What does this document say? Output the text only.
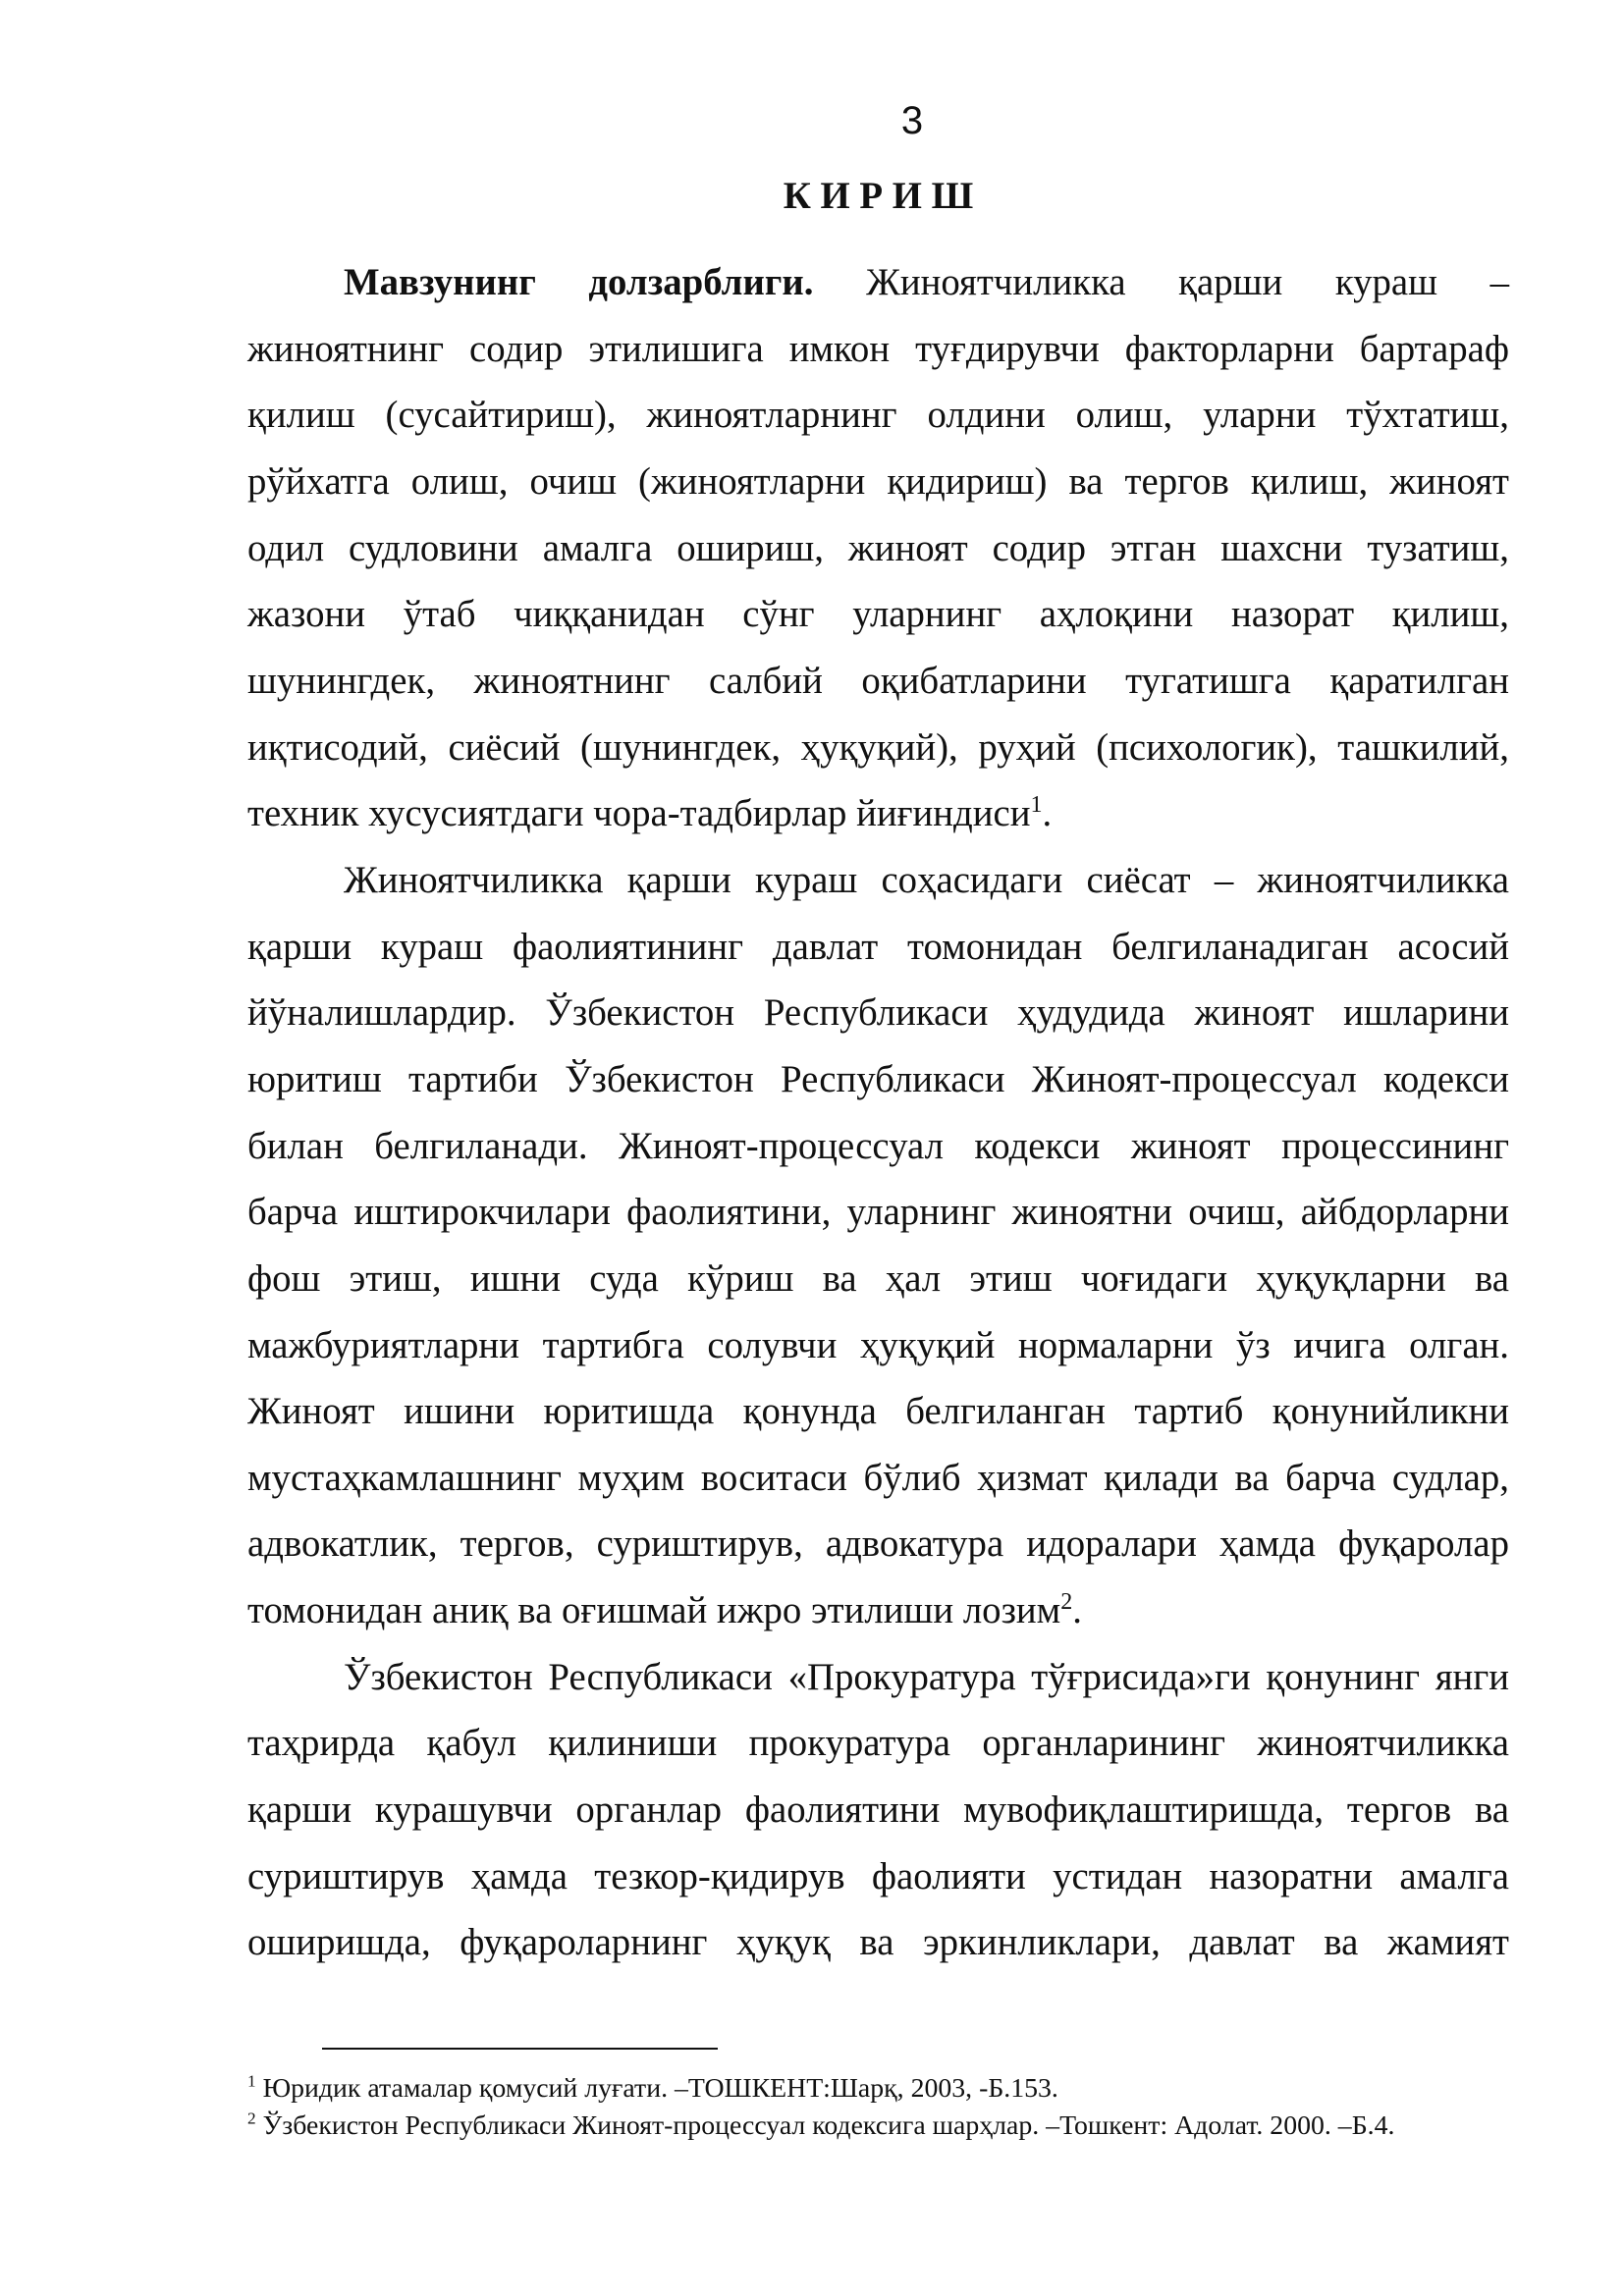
3
К И Р И Ш
Мавзунинг долзарблиги. Жиноятчиликка қарши кураш –
жиноятнинг содир этилишига имкон туғдирувчи факторларни бартараф
қилиш (сусайтириш), жиноятларнинг олдини олиш, уларни тўхтатиш,
рўйхатга олиш, очиш (жиноятларни қидириш) ва тергов қилиш, жиноят
одил судловини амалга ошириш, жиноят содир этган шахсни тузатиш,
жазони ўтаб чиққанидан сўнг уларнинг аҳлоқини назорат қилиш,
шунингдек, жиноятнинг салбий оқибатларини тугатишга қаратилган
иқтисодий, сиёсий (шунингдек, ҳуқуқий), руҳий (психологик), ташкилий,
техник хусусиятдаги чора-тадбирлар йиғиндиси$^1$.
Жиноятчиликка қарши кураш соҳасидаги сиёсат – жиноятчиликка
қарши кураш фаолиятининг давлат томонидан белгиланадиган асосий
йўналишлардир. Ўзбекистон Республикаси ҳудудида жиноят ишларини
юритиш тартиби Ўзбекистон Республикаси Жиноят-процессуал кодекси
билан белгиланади. Жиноят-процессуал кодекси жиноят процессининг
барча иштирокчилари фаолиятини, уларнинг жиноятни очиш, айбдорларни
фош этиш, ишни суда кўриш ва ҳал этиш чоғидаги ҳуқуқларни ва
мажбуриятларни тартибга солувчи ҳуқуқий нормаларни ўз ичига олган.
Жиноят ишини юритишда қонунда белгиланган тартиб қонунийликни
мустаҳкамлашнинг муҳим воситаси бўлиб ҳизмат қилади ва барча судлар,
адвокатлик, тергов, суриштирув, адвокатура идоралари ҳамда фуқаролар
томонидан аниқ ва оғишмай ижро этилиши лозим$^2$.
Ўзбекистон Республикаси «Прокуратура тўғрисида»ги қонунинг янги
таҳрирда қабул қилиниши прокуратура органларининг жиноятчиликка
қарши курашувчи органлар фаолиятини мувофиқлаштиришда, тергов ва
суриштирув ҳамда тезкор-қидирув фаолияти устидан назоратни амалга
оширишда, фуқароларнинг ҳуқуқ ва эркинликлари, давлат ва жамият
$^1$ Юридик атамалар қомусий луғати. –ТОШКЕНТ:Шарқ, 2003, -Б.153.
$^2$ Ўзбекистон Республикаси Жиноят-процессуал кодексига шарҳлар. –Тошкент: Адолат. 2000. –Б.4.
